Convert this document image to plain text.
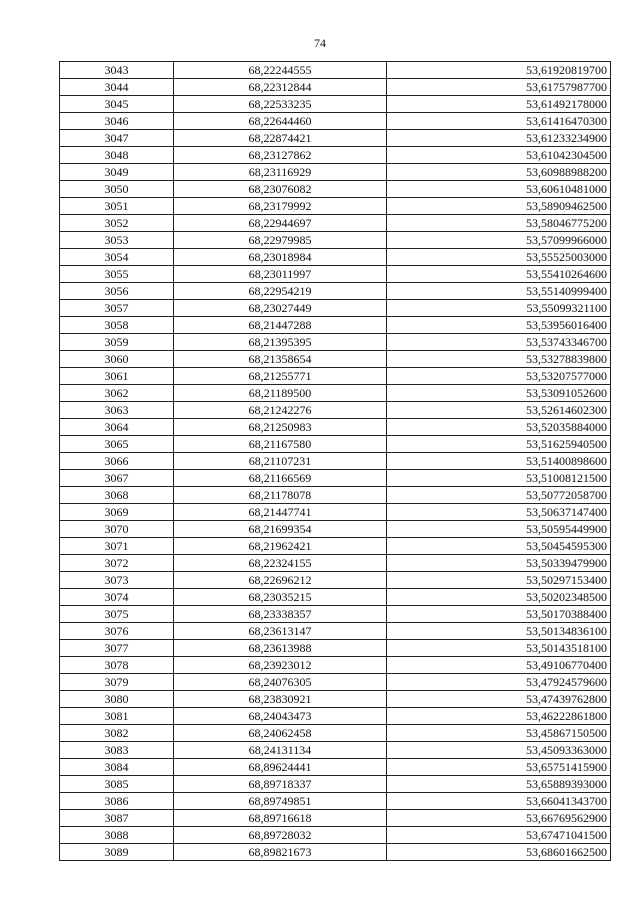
74
3043	68,22244555	53,61920819700
3044	68,22312844	53,61757987700
3045	68,22533235	53,61492178000
3046	68,22644460	53,61416470300
3047	68,22874421	53,61233234900
3048	68,23127862	53,61042304500
3049	68,23116929	53,60988988200
3050	68,23076082	53,60610481000
3051	68,23179992	53,58909462500
3052	68,22944697	53,58046775200
3053	68,22979985	53,57099966000
3054	68,23018984	53,55525003000
3055	68,23011997	53,55410264600
3056	68,22954219	53,55140999400
3057	68,23027449	53,55099321100
3058	68,21447288	53,53956016400
3059	68,21395395	53,53743346700
3060	68,21358654	53,53278839800
3061	68,21255771	53,53207577000
3062	68,21189500	53,53091052600
3063	68,21242276	53,52614602300
3064	68,21250983	53,52035884000
3065	68,21167580	53,51625940500
3066	68,21107231	53,51400898600
3067	68,21166569	53,51008121500
3068	68,21178078	53,50772058700
3069	68,21447741	53,50637147400
3070	68,21699354	53,50595449900
3071	68,21962421	53,50454595300
3072	68,22324155	53,50339479900
3073	68,22696212	53,50297153400
3074	68,23035215	53,50202348500
3075	68,23338357	53,50170388400
3076	68,23613147	53,50134836100
3077	68,23613988	53,50143518100
3078	68,23923012	53,49106770400
3079	68,24076305	53,47924579600
3080	68,23830921	53,47439762800
3081	68,24043473	53,46222861800
3082	68,24062458	53,45867150500
3083	68,24131134	53,45093363000
3084	68,89624441	53,65751415900
3085	68,89718337	53,65889393000
3086	68,89749851	53,66041343700
3087	68,89716618	53,66769562900
3088	68,89728032	53,67471041500
3089	68,89821673	53,68601662500
